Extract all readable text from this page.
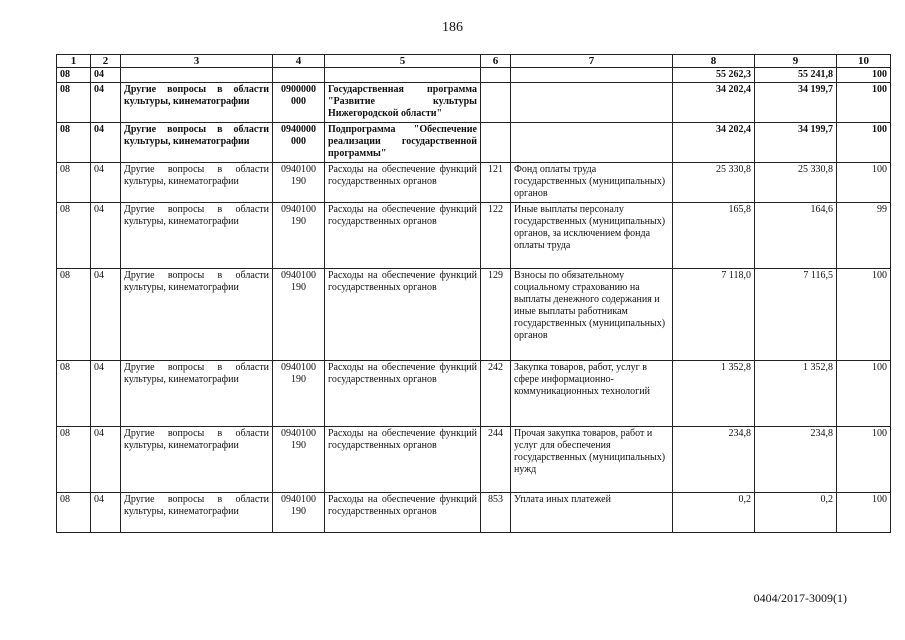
186
1	2	3	4	5	6	7	8	9	10
08	04						55 262,3	55 241,8	100
08	04	Другие вопросы в области культуры, кинематографии	0900000 000	Государственная программа "Развитие культуры Нижегородской области"			34 202,4	34 199,7	100
08	04	Другие вопросы в области культуры, кинематографии	0940000 000	Подпрограмма "Обеспечение реализации государственной программы"			34 202,4	34 199,7	100
08	04	Другие вопросы в области культуры, кинематографии	0940100 190	Расходы на обеспечение функций государственных органов	121	Фонд оплаты труда государственных (муниципальных) органов	25 330,8	25 330,8	100
08	04	Другие вопросы в области культуры, кинематографии	0940100 190	Расходы на обеспечение функций государственных органов	122	Иные выплаты персоналу государственных (муниципальных) органов, за исключением фонда оплаты труда	165,8	164,6	99
08	04	Другие вопросы в области культуры, кинематографии	0940100 190	Расходы на обеспечение функций государственных органов	129	Взносы по обязательному социальному страхованию на выплаты денежного содержания и иные выплаты работникам государственных (муниципальных) органов	7 118,0	7 116,5	100
08	04	Другие вопросы в области культуры, кинематографии	0940100 190	Расходы на обеспечение функций государственных органов	242	Закупка товаров, работ, услуг в сфере информационно-коммуникационных технологий	1 352,8	1 352,8	100
08	04	Другие вопросы в области культуры, кинематографии	0940100 190	Расходы на обеспечение функций государственных органов	244	Прочая закупка товаров, работ и услуг для обеспечения государственных (муниципальных) нужд	234,8	234,8	100
08	04	Другие вопросы в области культуры, кинематографии	0940100 190	Расходы на обеспечение функций государственных органов	853	Уплата иных платежей	0,2	0,2	100
0404/2017-3009(1)
